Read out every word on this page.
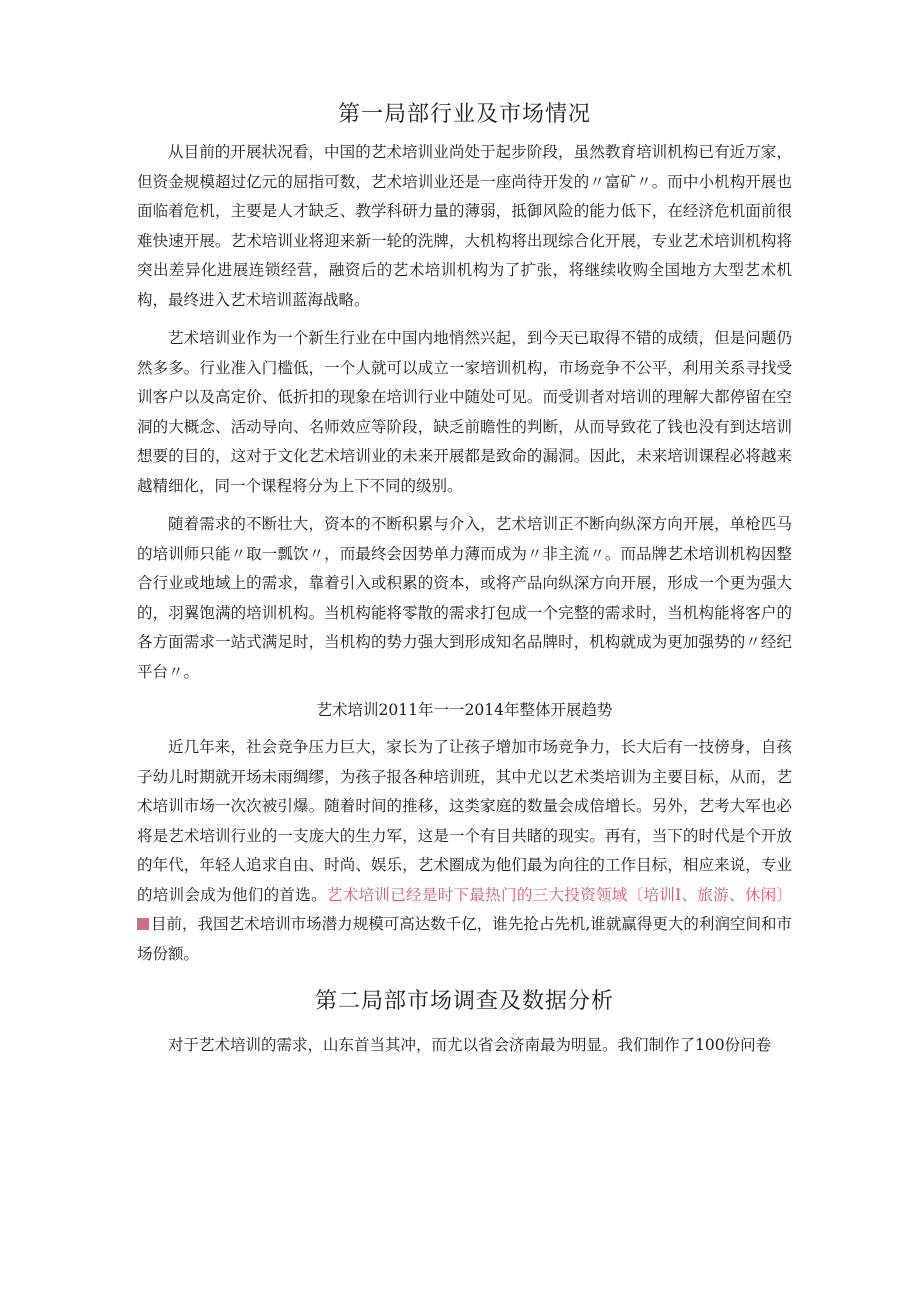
第一局部行业及市场情况

从目前的开展状况看，中国的艺术培训业尚处于起步阶段，虽然教育培训机构已有近万家，但资金规模超过亿元的屈指可数，艺术培训业还是一座尚待开发的〃富矿〃。而中小机构开展也面临着危机，主要是人才缺乏、教学科研力量的薄弱，抵御风险的能力低下，在经济危机面前很难快速开展。艺术培训业将迎来新一轮的洗牌，大机构将出现综合化开展，专业艺术培训机构将突出差异化进展连锁经营，融资后的艺术培训机构为了扩张，将继续收购全国地方大型艺术机构，最终进入艺术培训蓝海战略。

艺术培训业作为一个新生行业在中国内地悄然兴起，到今天已取得不错的成绩，但是问题仍然多多。行业准入门槛低，一个人就可以成立一家培训机构，市场竞争不公平，利用关系寻找受训客户以及高定价、低折扣的现象在培训行业中随处可见。而受训者对培训的理解大都停留在空洞的大概念、活动导向、名师效应等阶段，缺乏前瞻性的判断，从而导致花了钱也没有到达培训想要的目的，这对于文化艺术培训业的未来开展都是致命的漏洞。因此，未来培训课程必将越来越精细化，同一个课程将分为上下不同的级别。

随着需求的不断壮大，资本的不断积累与介入，艺术培训正不断向纵深方向开展，单枪匹马的培训师只能〃取一瓢饮〃，而最终会因势单力薄而成为〃非主流〃。而品牌艺术培训机构因整合行业或地域上的需求，靠着引入或积累的资本，或将产品向纵深方向开展，形成一个更为强大的，羽翼饱满的培训机构。当机构能将零散的需求打包成一个完整的需求时，当机构能将客户的各方面需求一站式满足时，当机构的势力强大到形成知名品牌时，机构就成为更加强势的〃经纪平台〃。

艺术培训2011年一一2014年整体开展趋势

近几年来，社会竞争压力巨大，家长为了让孩子增加市场竞争力，长大后有一技傍身，自孩子幼儿时期就开场未雨绸缪，为孩子报各种培训班，其中尤以艺术类培训为主要目标，从而，艺术培训市场一次次被引爆。随着时间的推移，这类家庭的数量会成倍增长。另外，艺考大军也必将是艺术培训行业的一支庞大的生力军，这是一个有目共睹的现实。再有，当下的时代是个开放的年代，年轻人追求自由、时尚、娱乐，艺术圈成为他们最为向往的工作目标，相应来说，专业的培训会成为他们的首选。艺术培训已经是时下最热门的三大投资领域〔培训Ⅰ、旅游、休闲〕目前，我国艺术培训市场潜力规模可高达数千亿，谁先抢占先机,谁就赢得更大的利润空间和市场份额。

第二局部市场调查及数据分析

对于艺术培训的需求，山东首当其冲，而尤以省会济南最为明显。我们制作了100份问卷
